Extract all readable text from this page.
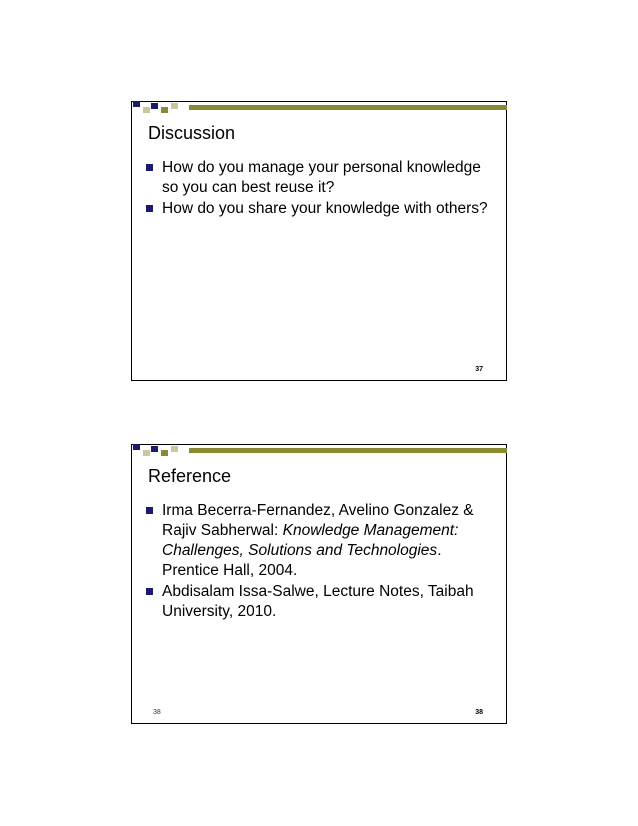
Discussion
How do you manage your personal knowledge so you can best reuse it?
How do you share your knowledge with others?
37
Reference
Irma Becerra-Fernandez, Avelino Gonzalez & Rajiv Sabherwal: Knowledge Management: Challenges, Solutions and Technologies. Prentice Hall, 2004.
Abdisalam Issa-Salwe, Lecture Notes, Taibah University, 2010.
38	38
